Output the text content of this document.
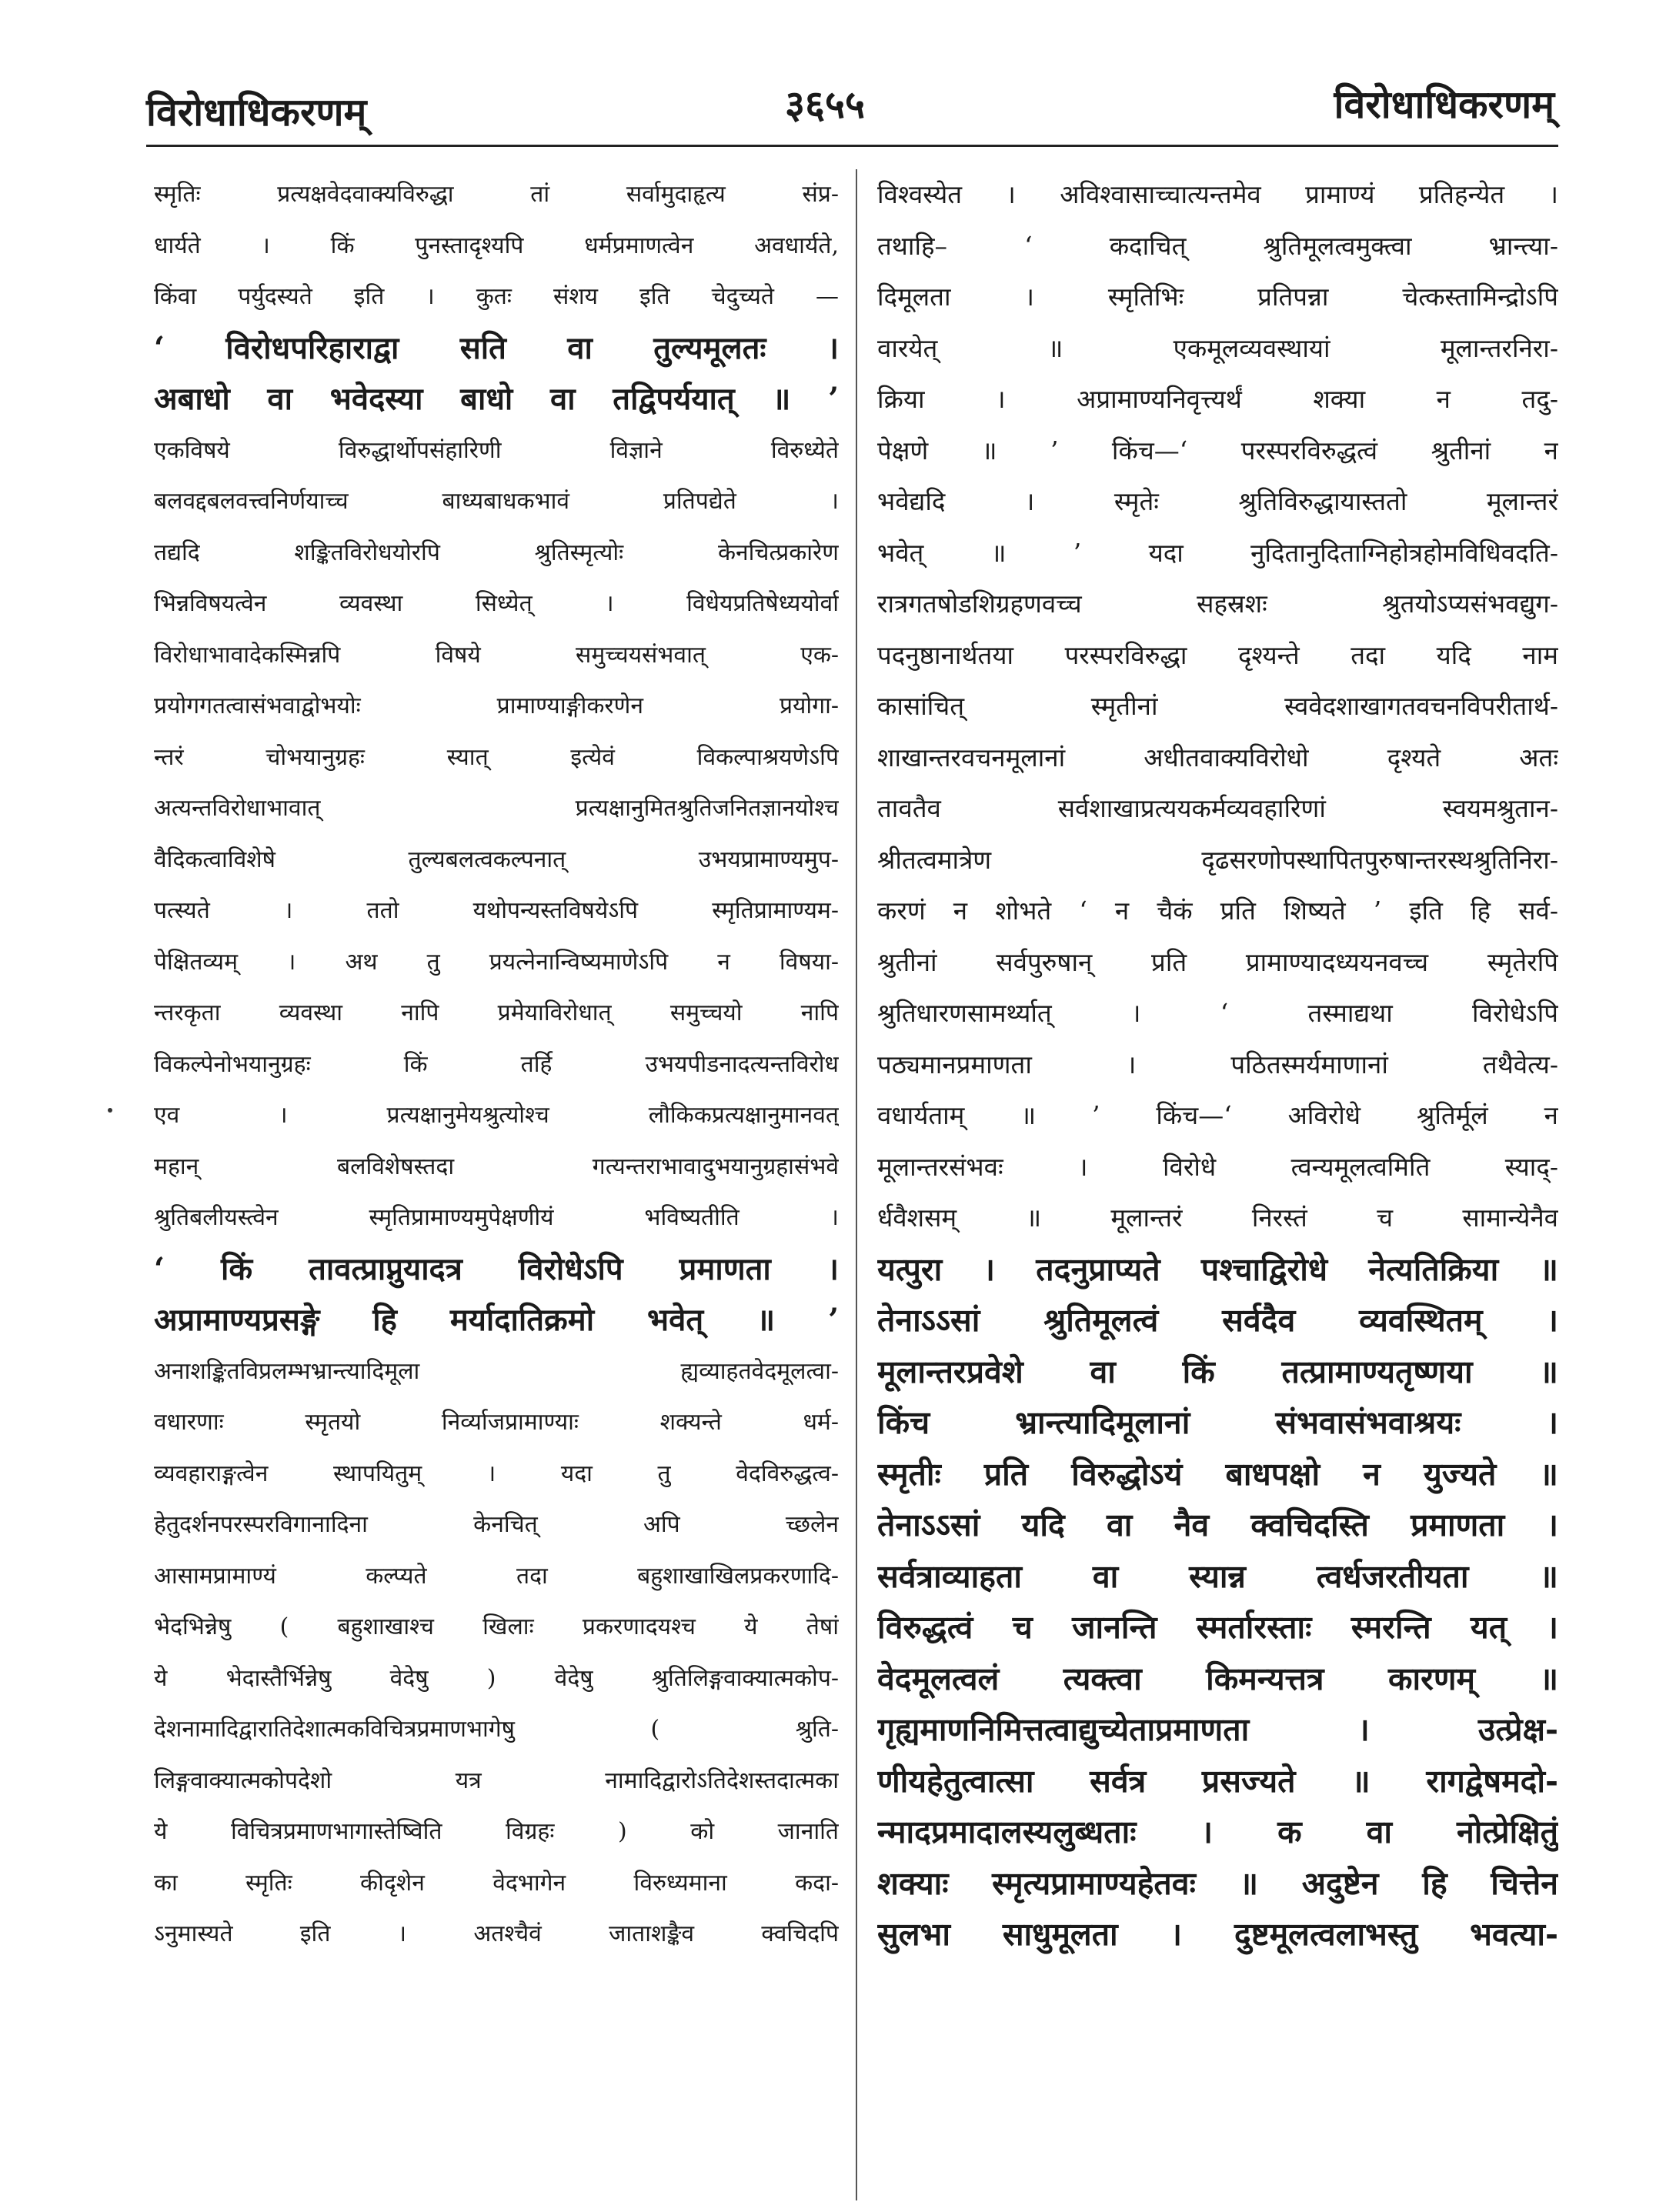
विरोधाधिकरणम्	३६५५	विरोधाधिकरणम्
स्मृतिः प्रत्यक्षवेदवाक्यविरुद्धा तां सर्वामुदाहृत्य संप्र-
धार्यते । किं पुनस्तादृश्यपि धर्मप्रमाणत्वेन अवधार्यते,
किंवा पर्युदस्यते इति । कुतः संशय इति चेदुच्यते —
‘ विरोधपरिहाराद्वा सति वा तुल्यमूलतः ।
अबाधो वा भवेदस्या बाधो वा तद्विपर्ययात् ॥ ’
एकविषये विरुद्धार्थोपसंहारिणी विज्ञाने विरुध्येते
बलवद्दबलवत्त्वनिर्णयाच्च बाध्यबाधकभावं प्रतिपद्येते ।
तद्यदि शङ्कितविरोधयोरपि श्रुतिस्मृत्योः केनचित्प्रकारेण
भिन्नविषयत्वेन व्यवस्था सिध्येत् । विधेयप्रतिषेध्ययोर्वा
विरोधाभावादेकस्मिन्नपि विषये समुच्चयसंभवात् एक-
प्रयोगगतत्वासंभवाद्वोभयोः प्रामाण्याङ्गीकरणेन प्रयोगा-
न्तरं चोभयानुग्रहः स्यात् इत्येवं विकल्पाश्रयणेऽपि
अत्यन्तविरोधाभावात् प्रत्यक्षानुमितश्रुतिजनितज्ञानयोश्च
वैदिकत्वाविशेषे तुल्यबलत्वकल्पनात् उभयप्रामाण्यमुप-
पत्स्यते । ततो यथोपन्यस्तविषयेऽपि स्मृतिप्रामाण्यम-
पेक्षितव्यम् । अथ तु प्रयत्नेनान्विष्यमाणेऽपि न विषया-
न्तरकृता व्यवस्था नापि प्रमेयाविरोधात् समुच्चयो नापि
विकल्पेनोभयानुग्रहः किं तर्हि उभयपीडनादत्यन्तविरोध
एव । प्रत्यक्षानुमेयश्रुत्योश्च लौकिकप्रत्यक्षानुमानवत्
महान् बलविशेषस्तदा गत्यन्तराभावादुभयानुग्रहासंभवे
श्रुतिबलीयस्त्वेन स्मृतिप्रामाण्यमुपेक्षणीयं भविष्यतीति ।
‘ किं तावत्प्राप्नुयादत्र विरोधेऽपि प्रमाणता ।
अप्रामाण्यप्रसङ्गे हि मर्यादातिक्रमो भवेत् ॥ ’
अनाशङ्कितविप्रलम्भभ्रान्त्यादिमूला ह्यव्याहतवेदमूलत्वा-
वधारणाः स्मृतयो निर्व्याजप्रामाण्याः शक्यन्ते धर्म-
व्यवहाराङ्गत्वेन स्थापयितुम् । यदा तु वेदविरुद्धत्व-
हेतुदर्शनपरस्परविगानादिना केनचित् अपि च्छलेन
आसामप्रामाण्यं कल्प्यते तदा बहुशाखाखिलप्रकरणादि-
भेदभिन्नेषु ( बहुशाखाश्च खिलाः प्रकरणादयश्च ये तेषां
ये भेदास्तैर्भिन्नेषु वेदेषु ) वेदेषु श्रुतिलिङ्गवाक्यात्मकोप-
देशनामादिद्वारातिदेशात्मकविचित्रप्रमाणभागेषु ( श्रुति-
लिङ्गवाक्यात्मकोपदेशो यत्र नामादिद्वारोऽतिदेशस्तदात्मका
ये विचित्रप्रमाणभागास्तेष्विति विग्रहः ) को जानाति
का स्मृतिः कीदृशेन वेदभागेन विरुध्यमाना कदा-
ऽनुमास्यते इति । अतश्चैवं जाताशङ्कैव क्वचिदपि
विश्वस्येत । अविश्वासाच्चात्यन्तमेव प्रामाण्यं प्रतिहन्येत ।
तथाहि– ‘ कदाचित् श्रुतिमूलत्वमुक्त्वा भ्रान्त्या-
दिमूलता । स्मृतिभिः प्रतिपन्ना चेत्कस्तामिन्द्रोऽपि
वारयेत् ॥ एकमूलव्यवस्थायां मूलान्तरनिरा-
क्रिया । अप्रामाण्यनिवृत्त्यर्थं शक्या न तदु-
पेक्षणे ॥ ’ किंच—‘ परस्परविरुद्धत्वं श्रुतीनां न
भवेद्यदि । स्मृतेः श्रुतिविरुद्धायास्ततो मूलान्तरं
भवेत् ॥ ’ यदा नुदितानुदिताग्निहोत्रहोमविधिवदति-
रात्रगतषोडशिग्रहणवच्च सहस्रशः श्रुतयोऽप्यसंभवद्युग-
पदनुष्ठानार्थतया परस्परविरुद्धा दृश्यन्ते तदा यदि नाम
कासांचित् स्मृतीनां स्ववेदशाखागतवचनविपरीतार्थ-
शाखान्तरवचनमूलानां अधीतवाक्यविरोधो दृश्यते अतः
तावतैव सर्वशाखाप्रत्ययकर्मव्यवहारिणां स्वयमश्रुतान-
श्रीतत्वमात्रेण दृढसरणोपस्थापितपुरुषान्तरस्थश्रुतिनिरा-
करणं न शोभते ‘ न चैकं प्रति शिष्यते ’ इति हि सर्व-
श्रुतीनां सर्वपुरुषान् प्रति प्रामाण्यादध्ययनवच्च स्मृतेरपि
श्रुतिधारणसामर्थ्यात् । ‘ तस्माद्यथा विरोधेऽपि
पठ्यमानप्रमाणता । पठितस्मर्यमाणानां तथैवेत्य-
वधार्यताम् ॥ ’ किंच—‘ अविरोधे श्रुतिर्मूलं न
मूलान्तरसंभवः । विरोधे त्वन्यमूलत्वमिति स्याद्-
र्धवैशसम् ॥ मूलान्तरं निरस्तं च सामान्येनैव
यत्पुरा । तदनुप्राप्यते पश्चाद्विरोधे नेत्यतिक्रिया ॥
तेनाऽऽसां श्रुतिमूलत्वं सर्वदैव व्यवस्थितम् ।
मूलान्तरप्रवेशे वा किं तत्प्रामाण्यतृष्णया ॥
किंच भ्रान्त्यादिमूलानां संभवासंभवाश्रयः ।
स्मृतीः प्रति विरुद्धोऽयं बाधपक्षो न युज्यते ॥
तेनाऽऽसां यदि वा नैव क्वचिदस्ति प्रमाणता ।
सर्वत्राव्याहता वा स्यान्न त्वर्धजरतीयता ॥
विरुद्धत्वं च जानन्ति स्मर्तारस्ताः स्मरन्ति यत् ।
वेदमूलत्वलं त्यक्त्वा किमन्यत्तत्र कारणम् ॥
गृह्यमाणनिमित्तत्वाद्युच्येताप्रमाणता । उत्प्रेक्ष-
णीयहेतुत्वात्सा सर्वत्र प्रसज्यते ॥ रागद्वेषमदो-
न्मादप्रमादालस्यलुब्धताः । क वा नोत्प्रेक्षितुं
शक्याः स्मृत्यप्रामाण्यहेतवः ॥ अदुष्टेन हि चित्तेन
सुलभा साधुमूलता । दुष्टमूलत्वलाभस्तु भवत्या-
